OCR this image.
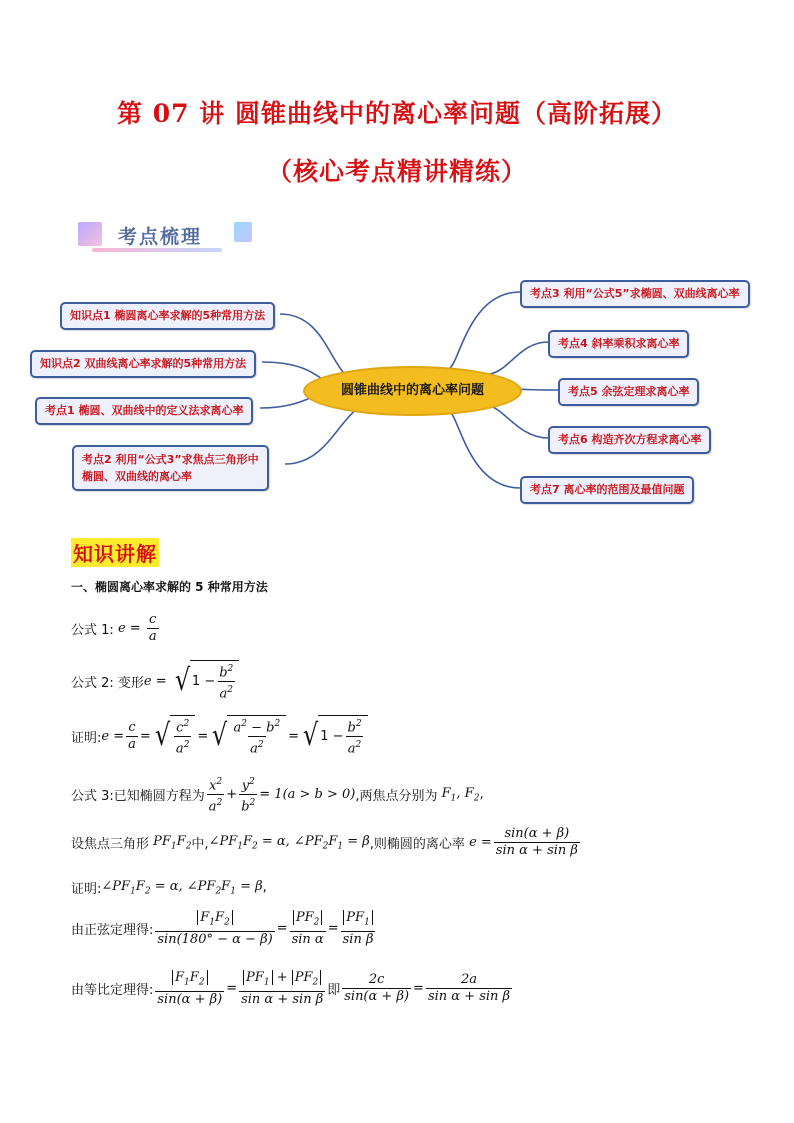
第 07 讲 圆锥曲线中的离心率问题（高阶拓展）
（核心考点精讲精练）
考点梳理
知识点1 椭圆离心率求解的5种常用方法
知识点2 双曲线离心率求解的5种常用方法
考点1 椭圆、双曲线中的定义法求离心率
考点2 利用“公式3”求焦点三角形中
椭圆、双曲线的离心率
圆锥曲线中的离心率问题
考点3 利用“公式5”求椭圆、双曲线离心率
考点4 斜率乘积求离心率
考点5 余弦定理求离心率
考点6 构造齐次方程求离心率
考点7 离心率的范围及最值问题
知识讲解
一、椭圆离心率求解的 5 种常用方法
公式 1:
$e = \frac{c}{a}$
公式 2: 变形 e = √ $1 - \frac{b^2}{a^2}$
证明: $e = \frac{c}{a}$ = √ $\frac{c^2}{a^2}$ = √ $\frac{a^2 - b^2}{a^2}$ = √ $1 - \frac{b^2}{a^2}$
公式 3:已知椭圆方程为 $\frac{x^2}{a^2} + \frac{y^2}{b^2} = 1(a > b > 0)$ ,两焦点分别为 $F_1$, $F_2$ ,
设焦点三角形 $PF_1F_2$ 中, $\angle PF_1F_2 = \alpha$, $\angle PF_2F_1 = \beta$ ,则椭圆的离心率 $e = \frac{\sin(\alpha + \beta)}{\text{sin α + sin β}}$
证明: $\angle PF_1F_2 = \alpha$, $\angle PF_2F_1 = \beta$ ,
由正弦定理得: $\frac{F_1F_2}{\sin(180^\circ - \alpha - \beta)} = \frac{PF_2}{\text{sin α}} = \frac{PF_1}{\text{sin β}}$
由等比定理得: $\frac{F_1F_2}{\sin(\alpha + \beta)} = \frac{PF_1 + PF_2}{\text{sin α + sin β}}$ 即 $\frac{2c}{\sin(\alpha + \beta)} = \frac{2a}{\text{sin α + sin β}}$
